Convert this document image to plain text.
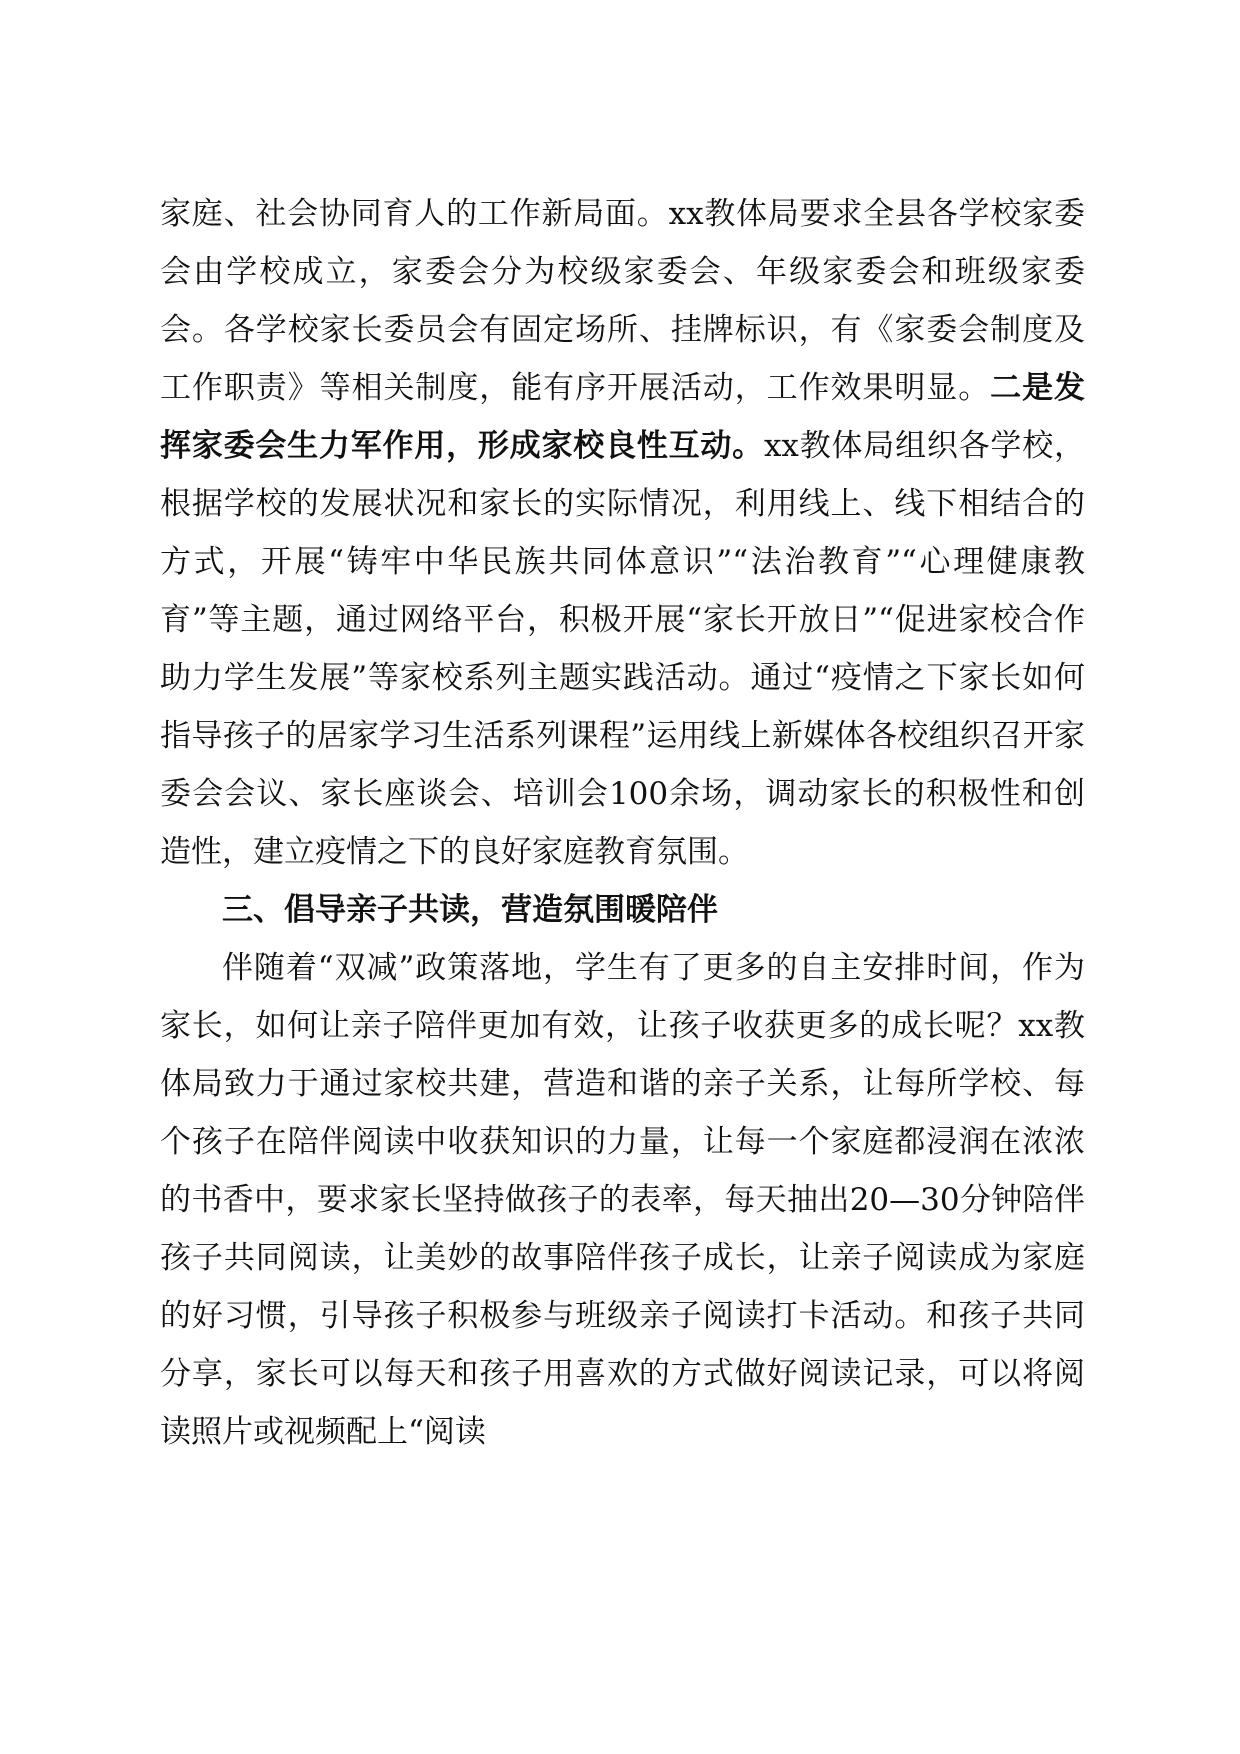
家庭、社会协同育人的工作新局面。xx教体局要求全县各学校家委会由学校成立，家委会分为校级家委会、年级家委会和班级家委会。各学校家长委员会有固定场所、挂牌标识，有《家委会制度及工作职责》等相关制度，能有序开展活动，工作效果明显。二是发挥家委会生力军作用，形成家校良性互动。xx教体局组织各学校，根据学校的发展状况和家长的实际情况，利用线上、线下相结合的方式，开展“铸牢中华民族共同体意识”“法治教育”“心理健康教育”等主题，通过网络平台，积极开展“家长开放日”“促进家校合作助力学生发展”等家校系列主题实践活动。通过“疫情之下家长如何指导孩子的居家学习生活系列课程”运用线上新媒体各校组织召开家委会会议、家长座谈会、培训会100余场，调动家长的积极性和创造性，建立疫情之下的良好家庭教育氛围。

三、倡导亲子共读，营造氛围暖陪伴

伴随着“双减”政策落地，学生有了更多的自主安排时间，作为家长，如何让亲子陪伴更加有效，让孩子收获更多的成长呢？xx教体局致力于通过家校共建，营造和谐的亲子关系，让每所学校、每个孩子在陪伴阅读中收获知识的力量，让每一个家庭都浸润在浓浓的书香中，要求家长坚持做孩子的表率，每天抽出20—30分钟陪伴孩子共同阅读，让美妙的故事陪伴孩子成长，让亲子阅读成为家庭的好习惯，引导孩子积极参与班级亲子阅读打卡活动。和孩子共同分享，家长可以每天和孩子用喜欢的方式做好阅读记录，可以将阅读照片或视频配上“阅读
